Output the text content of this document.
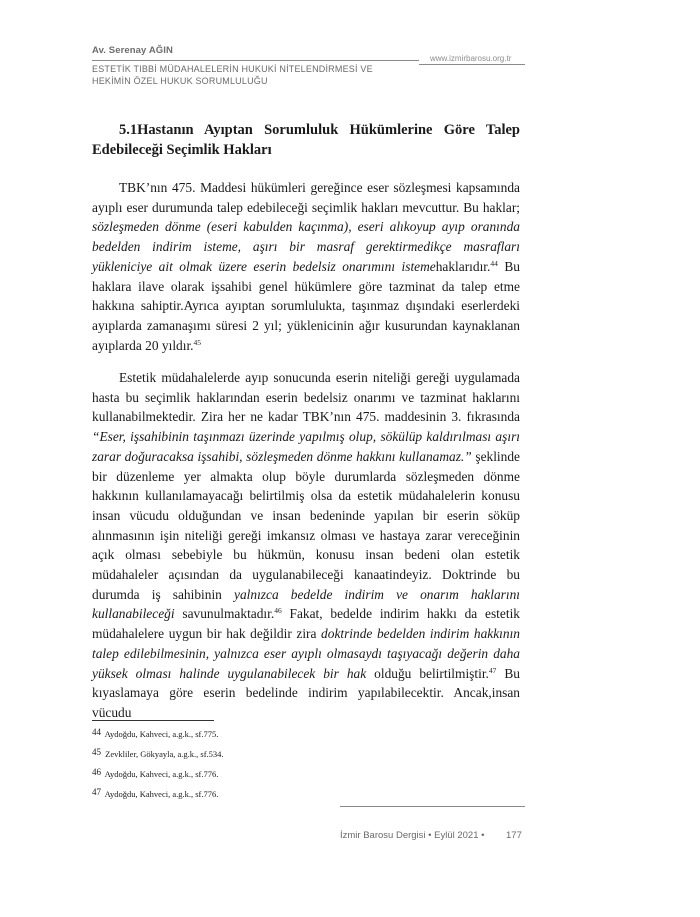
Av. Serenay AĞIN
www.izmirbarosu.org.tr
ESTETİK TIBBİ MÜDAHALELERİN HUKUKİ NİTELENDİRMESİ VE
HEKİMİN ÖZEL HUKUK SORUMLULUĞU
5.1Hastanın Ayıptan Sorumluluk Hükümlerine Göre Talep Edebileceği Seçimlik Hakları

TBK’nın 475. Maddesi hükümleri gereğince eser sözleşmesi kapsamında ayıplı eser durumunda talep edebileceği seçimlik hakları mevcuttur. Bu haklar; sözleşmeden dönme (eseri kabulden kaçınma), eseri alıkoyup ayıp oranında bedelden indirim isteme, aşırı bir masraf gerektirmedikçe masrafları yükleniciye ait olmak üzere eserin bedelsiz onarımını istemehaklarıdır.$^{44}$ Bu haklara ilave olarak işsahibi genel hükümlere göre tazminat da talep etme hakkına sahiptir.Ayrıca ayıptan sorumlulukta, taşınmaz dışındaki eserlerdeki ayıplarda zamanaşımı süresi 2 yıl; yüklenicinin ağır kusurundan kaynaklanan ayıplarda 20 yıldır.$^{45}$

Estetik müdahalelerde ayıp sonucunda eserin niteliği gereği uygulamada hasta bu seçimlik haklarından eserin bedelsiz onarımı ve tazminat haklarını kullanabilmektedir. Zira her ne kadar TBK’nın 475. maddesinin 3. fıkrasında “Eser, işsahibinin taşınmazı üzerinde yapılmış olup, sökülüp kaldırılması aşırı zarar doğuracaksa işsahibi, sözleşmeden dönme hakkını kullanamaz.” şeklinde bir düzenleme yer almakta olup böyle durumlarda sözleşmeden dönme hakkının kullanılamayacağı belirtilmiş olsa da estetik müdahalelerin konusu insan vücudu olduğundan ve insan bedeninde yapılan bir eserin söküp alınmasının işin niteliği gereği imkansız olması ve hastaya zarar vereceğinin açık olması sebebiyle bu hükmün, konusu insan bedeni olan estetik müdahaleler açısından da uygulanabileceği kanaatindeyiz. Doktrinde bu durumda iş sahibinin yalnızca bedelde indirim ve onarım haklarını kullanabileceği savunulmaktadır.$^{46}$ Fakat, bedelde indirim hakkı da estetik müdahalelere uygun bir hak değildir zira doktrinde bedelden indirim hakkının talep edilebilmesinin, yalnızca eser ayıplı olmasaydı taşıyacağı değerin daha yüksek olması halinde uygulanabilecek bir hak olduğu belirtilmiştir.$^{47}$ Bu kıyaslamaya göre eserin bedelinde indirim yapılabilecektir. Ancak,insan vücudu

44 Aydoğdu, Kahveci, a.g.k., sf.775.
45 Zevkliler, Gökyayla, a.g.k., sf.534.
46 Aydoğdu, Kahveci, a.g.k., sf.776.
47 Aydoğdu, Kahveci, a.g.k., sf.776.
İzmir Barosu Dergisi • Eylül 2021 • 177
